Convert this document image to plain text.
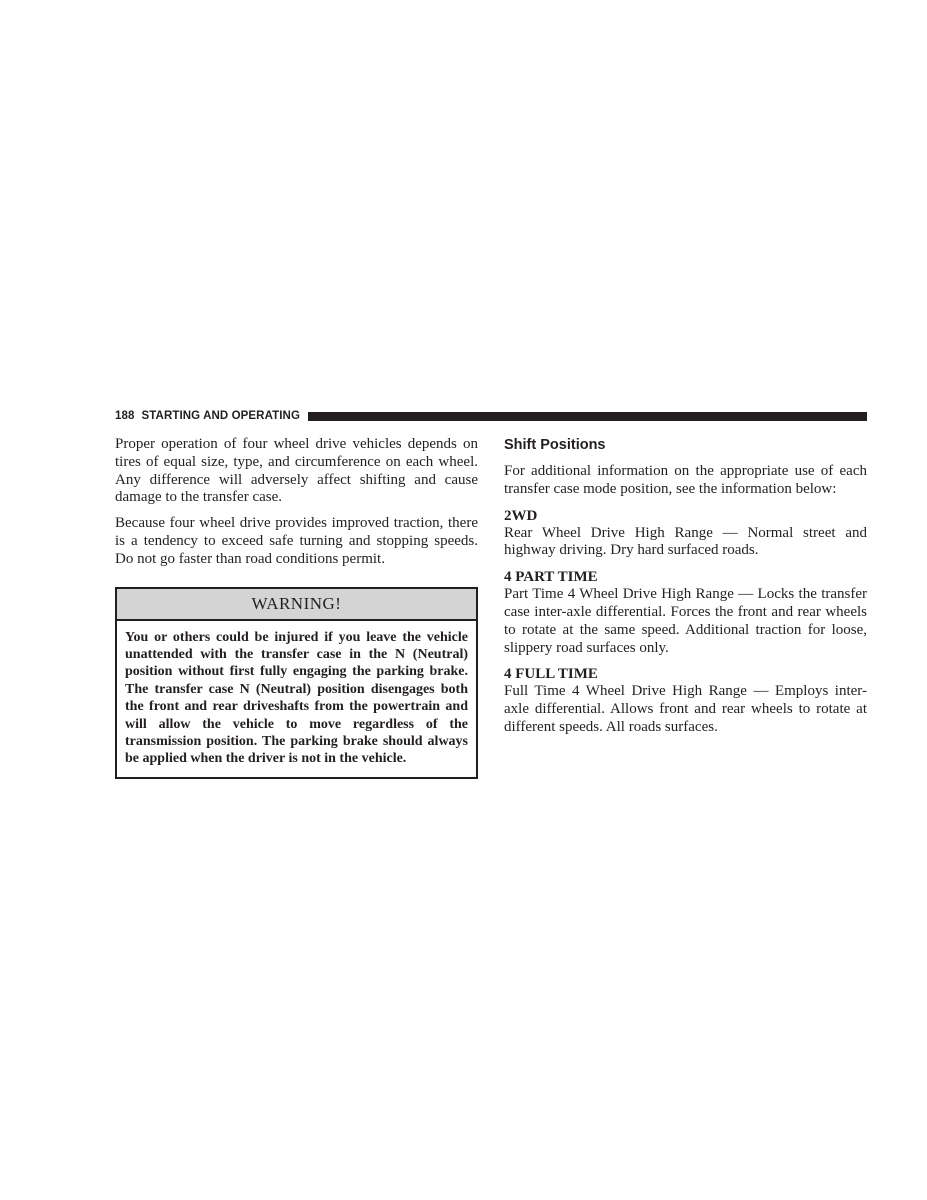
188 STARTING AND OPERATING

Proper operation of four wheel drive vehicles depends on tires of equal size, type, and circumference on each wheel. Any difference will adversely affect shifting and cause damage to the transfer case.

Because four wheel drive provides improved traction, there is a tendency to exceed safe turning and stopping speeds. Do not go faster than road conditions permit.

WARNING!
You or others could be injured if you leave the vehicle unattended with the transfer case in the N (Neutral) position without first fully engaging the parking brake. The transfer case N (Neutral) position disengages both the front and rear driveshafts from the powertrain and will allow the vehicle to move regardless of the transmission position. The parking brake should always be applied when the driver is not in the vehicle.
Shift Positions

For additional information on the appropriate use of each transfer case mode position, see the information below:

2WD

Rear Wheel Drive High Range — Normal street and highway driving. Dry hard surfaced roads.

4 PART TIME

Part Time 4 Wheel Drive High Range — Locks the transfer case inter-axle differential. Forces the front and rear wheels to rotate at the same speed. Additional traction for loose, slippery road surfaces only.

4 FULL TIME

Full Time 4 Wheel Drive High Range — Employs inter-axle differential. Allows front and rear wheels to rotate at different speeds. All roads surfaces.
